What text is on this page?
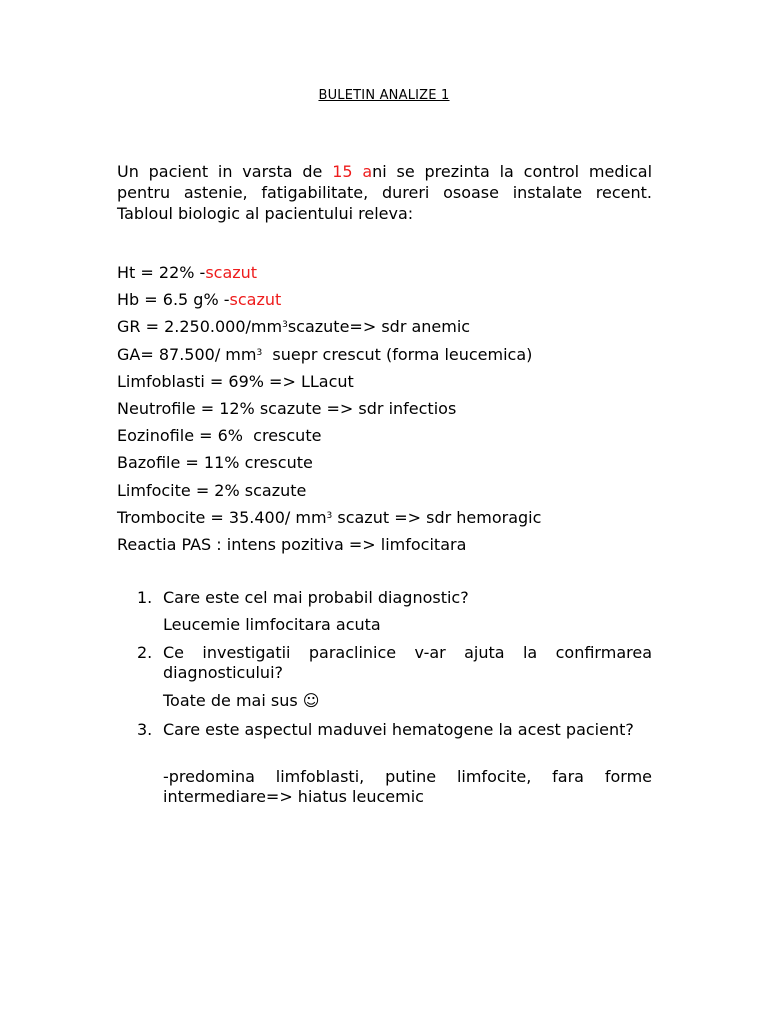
BULETIN ANALIZE 1
Un pacient in varsta de 15 ani se prezinta la control medical pentru astenie, fatigabilitate, dureri osoase instalate recent. Tabloul biologic al pacientului releva:
Ht = 22% -scazut
Hb = 6.5 g% -scazut
GR = $2.250.000/mm^3scazute=>$ sdr anemic
GA= 87.500/ $mm^3$  suepr crescut (forma leucemica)
Limfoblasti = 69% => LLacut
Neutrofile = 12% scazute => sdr infectios
Eozinofile = 6%  crescute
Bazofile = 11% crescute
Limfocite = 2% scazute
Trombocite = 35.400/ $mm^3$ scazut => sdr hemoragic
Reactia PAS : intens pozitiva => limfocitara
1. Care este cel mai probabil diagnostic?
Leucemie limfocitara acuta
2. Ce investigatii paraclinice v-ar ajuta la confirmarea diagnosticului?
Toate de mai sus ☺
3. Care este aspectul maduvei hematogene la acest pacient?
-predomina limfoblasti, putine limfocite, fara forme intermediare=> hiatus leucemic
